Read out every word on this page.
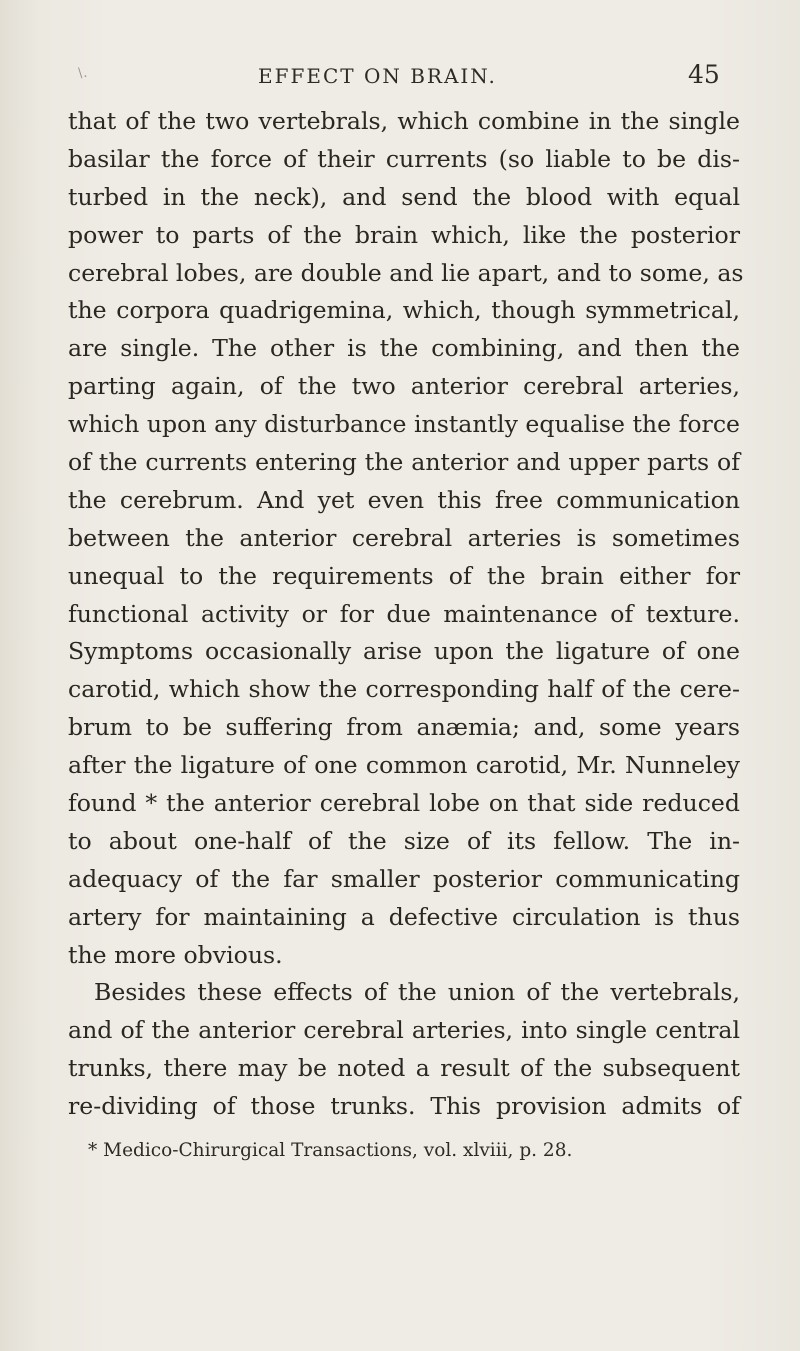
\.	EFFECT ON BRAIN.	45
that of the two vertebrals, which combine in the single
basilar the force of their currents (so liable to be dis-
turbed in the neck), and send the blood with equal
power to parts of the brain which, like the posterior
cerebral lobes, are double and lie apart, and to some, as
the corpora quadrigemina, which, though symmetrical,
are single. The other is the combining, and then the
parting again, of the two anterior cerebral arteries,
which upon any disturbance instantly equalise the force
of the currents entering the anterior and upper parts of
the cerebrum. And yet even this free communication
between the anterior cerebral arteries is sometimes
unequal to the requirements of the brain either for
functional activity or for due maintenance of texture.
Symptoms occasionally arise upon the ligature of one
carotid, which show the corresponding half of the cere-
brum to be suffering from anæmia; and, some years
after the ligature of one common carotid, Mr. Nunneley
found * the anterior cerebral lobe on that side reduced
to about one-half of the size of its fellow. The in-
adequacy of the far smaller posterior communicating
artery for maintaining a defective circulation is thus
the more obvious.
Besides these effects of the union of the vertebrals,
and of the anterior cerebral arteries, into single central
trunks, there may be noted a result of the subsequent
re-dividing of those trunks. This provision admits of
* Medico-Chirurgical Transactions, vol. xlviii, p. 28.
